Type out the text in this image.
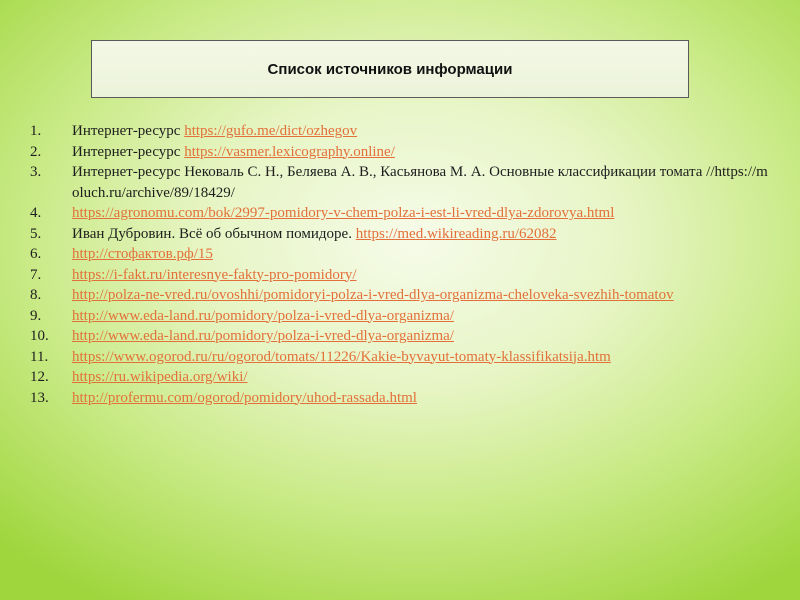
Список источников информации
1.	Интернет-ресурс https://gufo.me/dict/ozhegov
2.	Интернет-ресурс https://vasmer.lexicography.online/
3.	Интернет-ресурс Нековаль С. Н., Беляева А. В., Касьянова М. А. Основные классификации томата //https://moluch.ru/archive/89/18429/
4.	https://agronomu.com/bok/2997-pomidory-v-chem-polza-i-est-li-vred-dlya-zdorovya.html
5.	Иван Дубровин. Всё об обычном помидоре. https://med.wikireading.ru/62082
6.	http://стофактов.рф/15
7.	https://i-fakt.ru/interesnye-fakty-pro-pomidory/
8.	http://polza-ne-vred.ru/ovoshhi/pomidoryi-polza-i-vred-dlya-organizma-cheloveka-svezhih-tomatov
9.	http://www.eda-land.ru/pomidory/polza-i-vred-dlya-organizma/
10.	http://www.eda-land.ru/pomidory/polza-i-vred-dlya-organizma/
11.	https://www.ogorod.ru/ru/ogorod/tomats/11226/Kakie-byvayut-tomaty-klassifikatsija.htm
12.	https://ru.wikipedia.org/wiki/
13.	http://profermu.com/ogorod/pomidory/uhod-rassada.html
